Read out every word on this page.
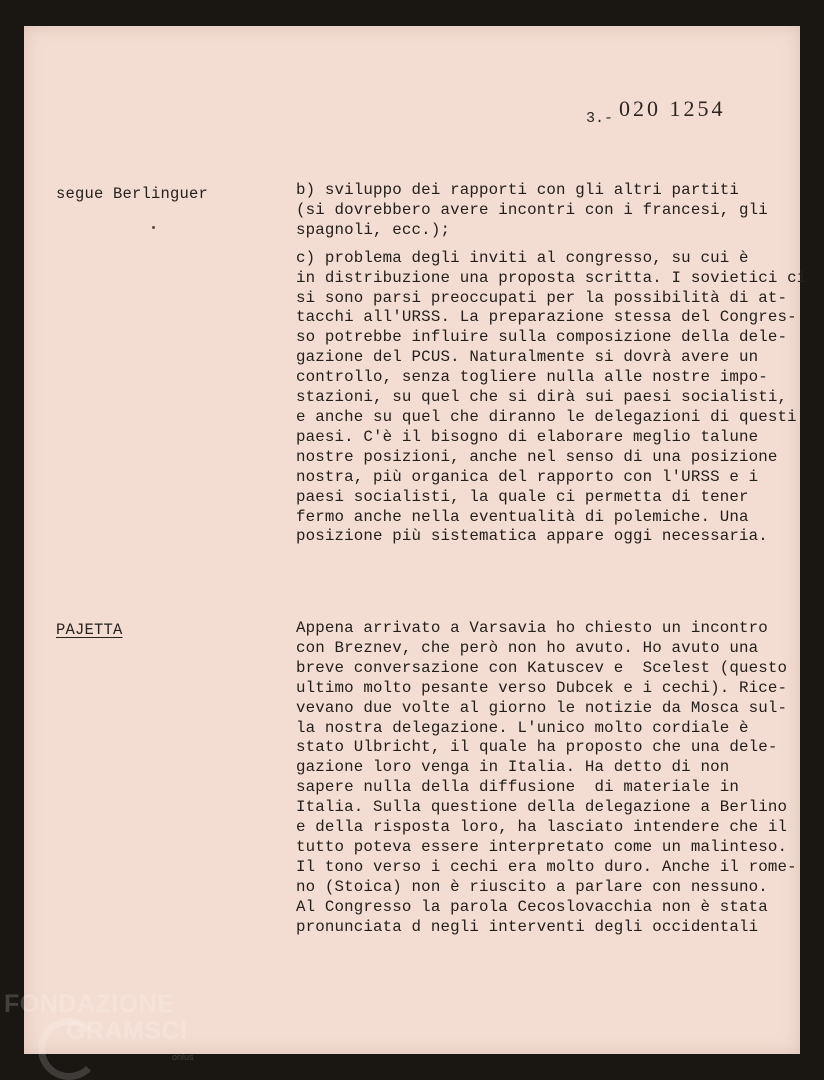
3.- 020 1254
segue Berlinguer	b) sviluppo dei rapporti con gli altri partiti
(si dovrebbero avere incontri con i francesi, gli
spagnoli, ecc.);
c) problema degli inviti al congresso, su cui è
in distribuzione una proposta scritta. I sovietici ci
si sono parsi preoccupati per la possibilità di at-
tacchi all'URSS. La preparazione stessa del Congres-
so potrebbe influire sulla composizione della dele-
gazione del PCUS. Naturalmente si dovrà avere un
controllo, senza togliere nulla alle nostre impo-
stazioni, su quel che si dirà sui paesi socialisti,
e anche su quel che diranno le delegazioni di questi
paesi. C'è il bisogno di elaborare meglio talune
nostre posizioni, anche nel senso di una posizione
nostra, più organica del rapporto con l'URSS e i
paesi socialisti, la quale ci permetta di tener
fermo anche nella eventualità di polemiche. Una
posizione più sistematica appare oggi necessaria.
PAJETTA	Appena arrivato a Varsavia ho chiesto un incontro
con Breznev, che però non ho avuto. Ho avuto una
breve conversazione con Katuscev e  Scelest (questo
ultimo molto pesante verso Dubcek e i cechi). Rice-
vevano due volte al giorno le notizie da Mosca sul-
la nostra delegazione. L'unico molto cordiale è
stato Ulbricht, il quale ha proposto che una dele-
gazione loro venga in Italia. Ha detto di non
sapere nulla della diffusione  di materiale in
Italia. Sulla questione della delegazione a Berlino
e della risposta loro, ha lasciato intendere che il
tutto poteva essere interpretato come un malinteso.
Il tono verso i cechi era molto duro. Anche il rome-
no (Stoica) non è riuscito a parlare con nessuno.
Al Congresso la parola Cecoslovacchia non è stata
pronunciata d negli interventi degli occidentali
FONDAZIONE
GRAMSCI
onlus
